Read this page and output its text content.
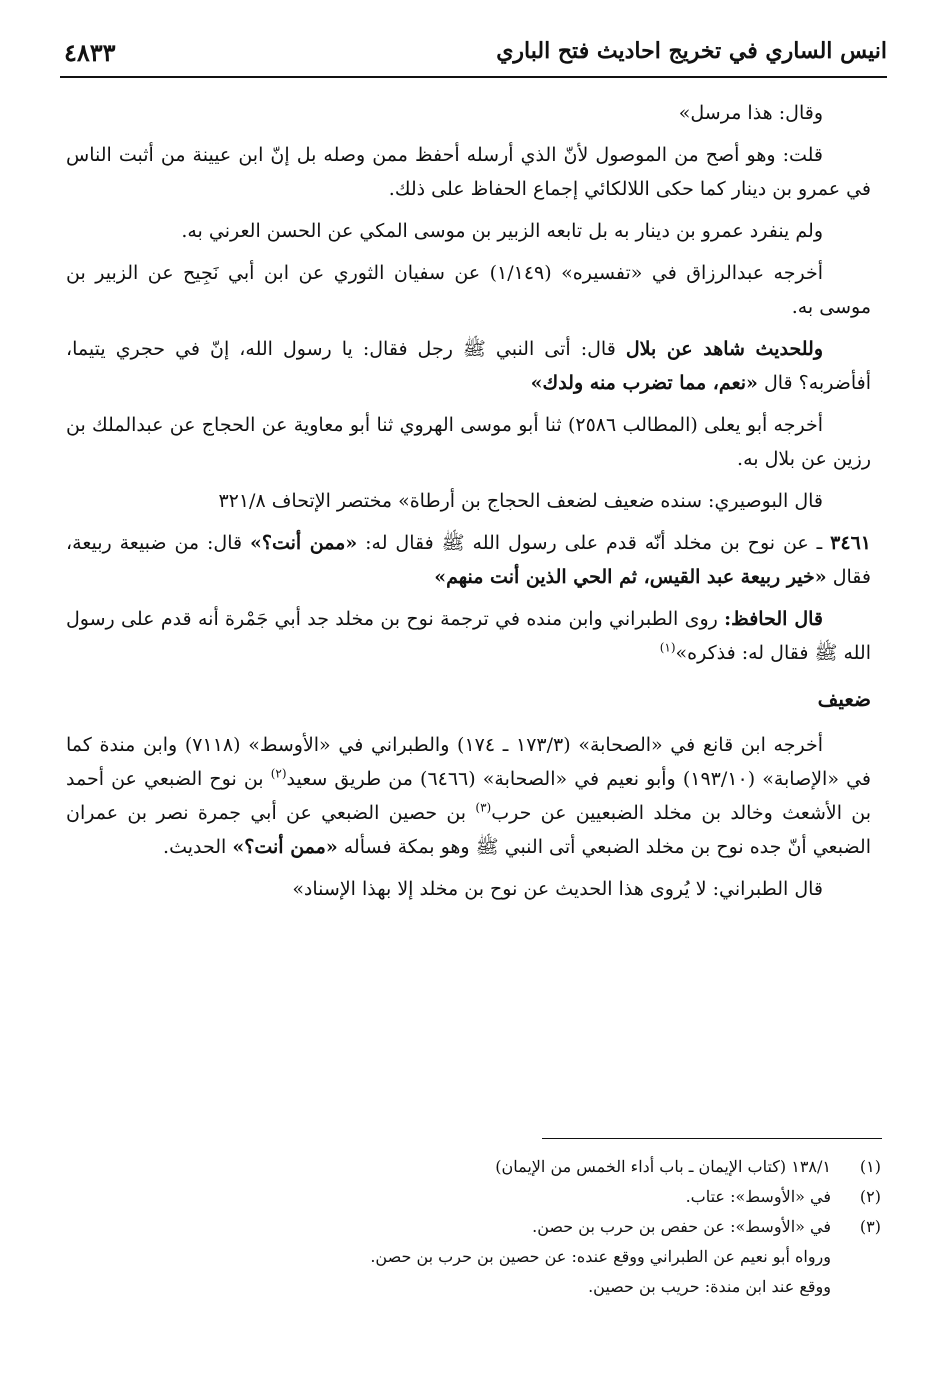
انيس الساري في تخريج احاديث فتح الباري
٤٨٣٣

وقال: هذا مرسل»

قلت: وهو أصح من الموصول لأنّ الذي أرسله أحفظ ممن وصله بل إنّ ابن عيينة من أثبت الناس في عمرو بن دينار كما حكى اللالكائي إجماع الحفاظ على ذلك.

ولم ينفرد عمرو بن دينار به بل تابعه الزبير بن موسى المكي عن الحسن العرني به.

أخرجه عبدالرزاق في «تفسيره» (١/١٤٩) عن سفيان الثوري عن ابن أبي نَجِيح عن الزبير بن موسى به.

وللحديث شاهد عن بلال قال: أتى النبي ﷺ رجل فقال: يا رسول الله، إنّ في حجري يتيما، أفأضربه؟ قال «نعم، مما تضرب منه ولدك»

أخرجه أبو يعلى (المطالب ٢٥٨٦) ثنا أبو موسى الهروي ثنا أبو معاوية عن الحجاج عن عبدالملك بن رزين عن بلال به.

قال البوصيري: سنده ضعيف لضعف الحجاج بن أرطاة» مختصر الإتحاف ٣٢١/٨

٣٤٦١ ـ عن نوح بن مخلد أنّه قدم على رسول الله ﷺ فقال له: «ممن أنت؟» قال: من ضبيعة ربيعة، فقال «خير ربيعة عبد القيس، ثم الحي الذين أنت منهم»

قال الحافظ: روى الطبراني وابن منده في ترجمة نوح بن مخلد جد أبي جَمْرة أنه قدم على رسول الله ﷺ فقال له: فذكره»$^{(١)}$

ضعيف

أخرجه ابن قانع في «الصحابة» (١٧٣/٣ ـ ١٧٤) والطبراني في «الأوسط» (٧١١٨) وابن مندة كما في «الإصابة» (١٩٣/١٠) وأبو نعيم في «الصحابة» (٦٤٦٦) من طريق سعيد$^{(٢)}$ بن نوح الضبعي عن أحمد بن الأشعث وخالد بن مخلد الضبعيين عن حرب$^{(٣)}$ بن حصين الضبعي عن أبي جمرة نصر بن عمران الضبعي أنّ جده نوح بن مخلد الضبعي أتى النبي ﷺ وهو بمكة فسأله «ممن أنت؟» الحديث.

قال الطبراني: لا يُروى هذا الحديث عن نوح بن مخلد إلا بهذا الإسناد»

(١)
١٣٨/١ (كتاب الإيمان ـ باب أداء الخمس من الإيمان)

(٢)
في «الأوسط»: عتاب.

(٣)
في «الأوسط»: عن حفص بن حرب بن حصن.

ورواه أبو نعيم عن الطبراني ووقع عنده: عن حصين بن حرب بن حصن.

ووقع عند ابن مندة: حريب بن حصين.
